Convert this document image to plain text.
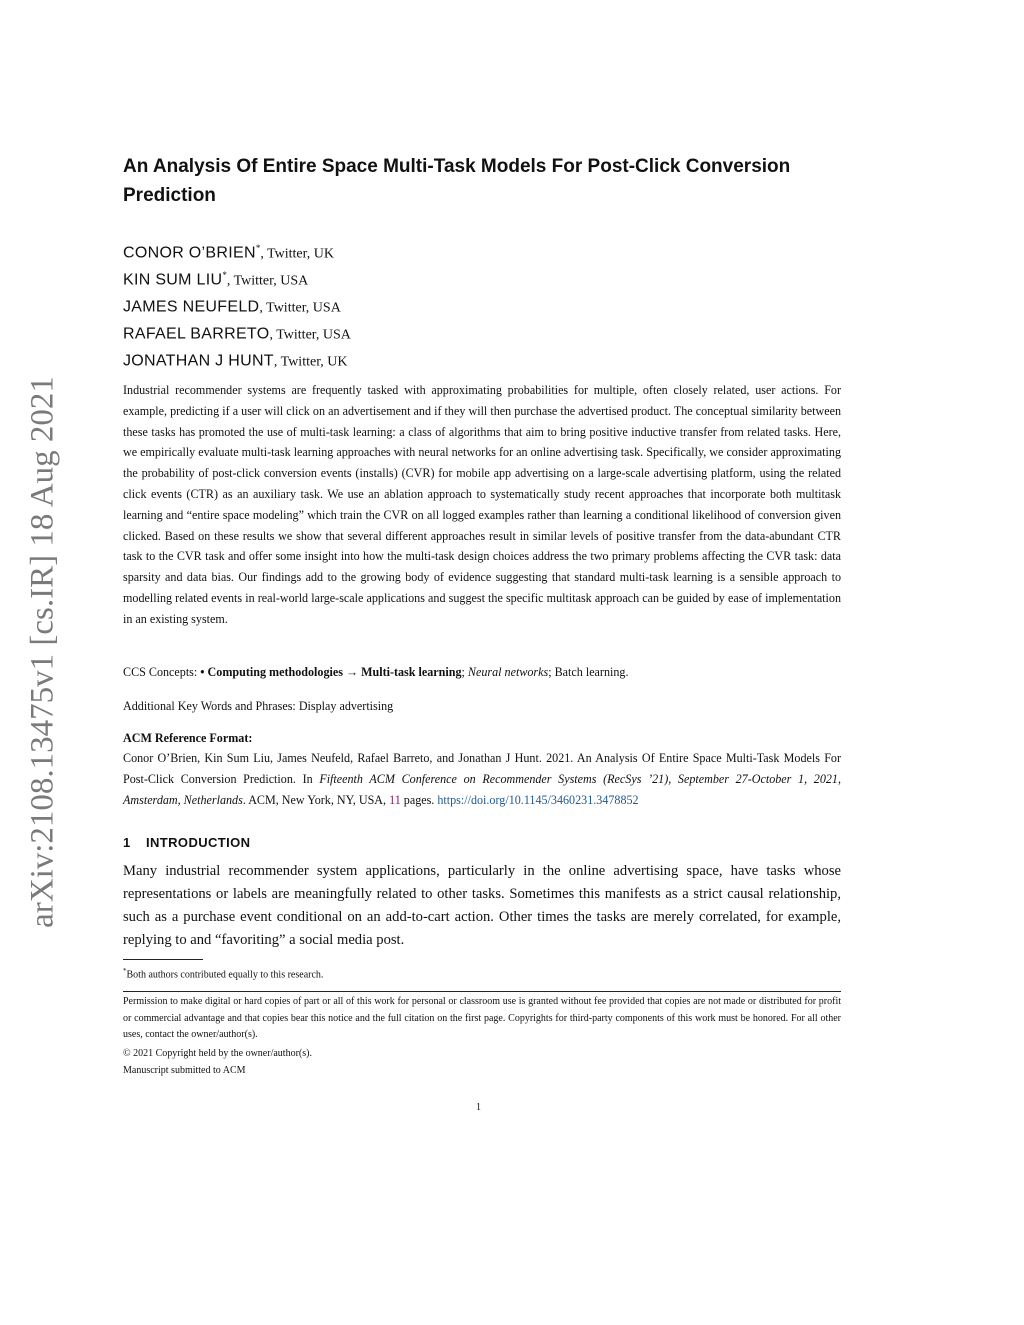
arXiv:2108.13475v1 [cs.IR] 18 Aug 2021
An Analysis Of Entire Space Multi-Task Models For Post-Click Conversion Prediction
CONOR O’BRIEN*, Twitter, UK
KIN SUM LIU*, Twitter, USA
JAMES NEUFELD, Twitter, USA
RAFAEL BARRETO, Twitter, USA
JONATHAN J HUNT, Twitter, UK

Industrial recommender systems are frequently tasked with approximating probabilities for multiple, often closely related, user actions. For example, predicting if a user will click on an advertisement and if they will then purchase the advertised product. The conceptual similarity between these tasks has promoted the use of multi-task learning: a class of algorithms that aim to bring positive inductive transfer from related tasks. Here, we empirically evaluate multi-task learning approaches with neural networks for an online advertising task. Specifically, we consider approximating the probability of post-click conversion events (installs) (CVR) for mobile app advertising on a large-scale advertising platform, using the related click events (CTR) as an auxiliary task. We use an ablation approach to systematically study recent approaches that incorporate both multitask learning and “entire space modeling” which train the CVR on all logged examples rather than learning a conditional likelihood of conversion given clicked. Based on these results we show that several different approaches result in similar levels of positive transfer from the data-abundant CTR task to the CVR task and offer some insight into how the multi-task design choices address the two primary problems affecting the CVR task: data sparsity and data bias. Our findings add to the growing body of evidence suggesting that standard multi-task learning is a sensible approach to modelling related events in real-world large-scale applications and suggest the specific multitask approach can be guided by ease of implementation in an existing system.

CCS Concepts: • Computing methodologies → Multi-task learning; Neural networks; Batch learning.
Additional Key Words and Phrases: Display advertising
ACM Reference Format:

Conor O’Brien, Kin Sum Liu, James Neufeld, Rafael Barreto, and Jonathan J Hunt. 2021. An Analysis Of Entire Space Multi-Task Models For Post-Click Conversion Prediction. In Fifteenth ACM Conference on Recommender Systems (RecSys ’21), September 27-October 1, 2021, Amsterdam, Netherlands. ACM, New York, NY, USA, 11 pages. https://doi.org/10.1145/3460231.3478852

1 INTRODUCTION

Many industrial recommender system applications, particularly in the online advertising space, have tasks whose representations or labels are meaningfully related to other tasks. Sometimes this manifests as a strict causal relationship, such as a purchase event conditional on an add-to-cart action. Other times the tasks are merely correlated, for example, replying to and “favoriting” a social media post.

*Both authors contributed equally to this research.

Permission to make digital or hard copies of part or all of this work for personal or classroom use is granted without fee provided that copies are not made or distributed for profit or commercial advantage and that copies bear this notice and the full citation on the first page. Copyrights for third-party components of this work must be honored. For all other uses, contact the owner/author(s).

© 2021 Copyright held by the owner/author(s).
Manuscript submitted to ACM
1
